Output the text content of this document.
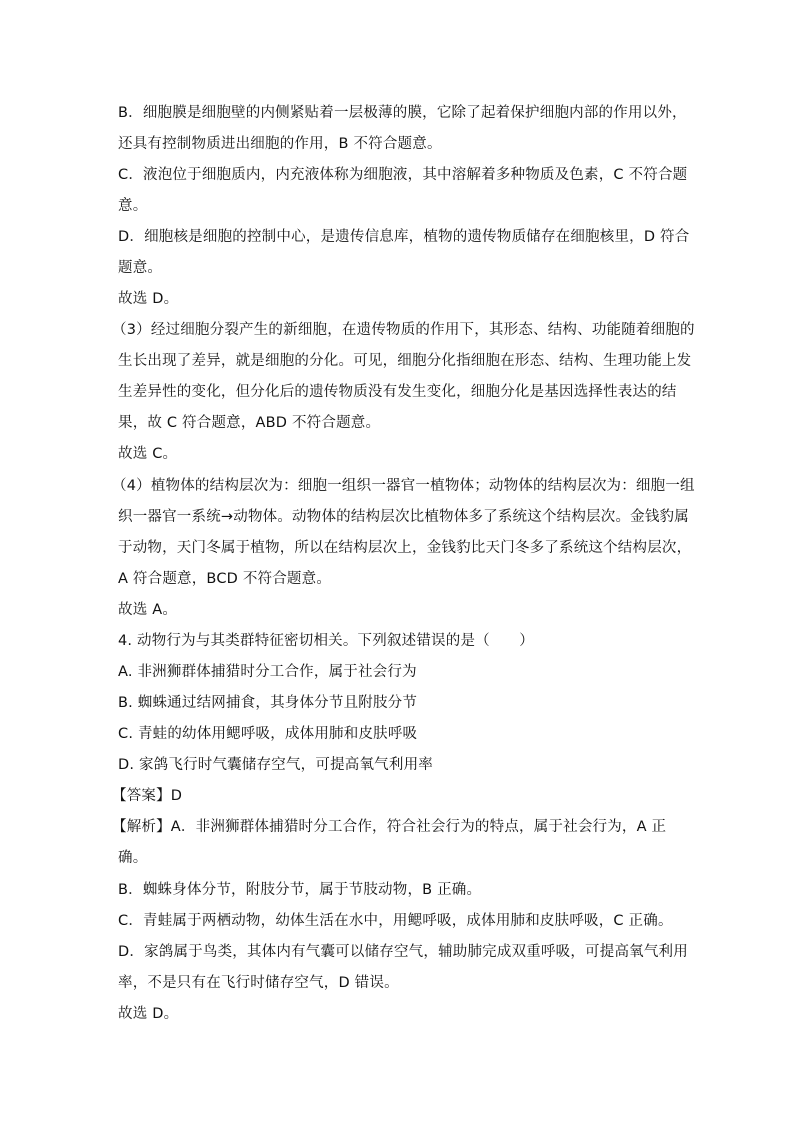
B．细胞膜是细胞壁的内侧紧贴着一层极薄的膜，它除了起着保护细胞内部的作用以外，
还具有控制物质进出细胞的作用，B 不符合题意。
C．液泡位于细胞质内，内充液体称为细胞液，其中溶解着多种物质及色素，C 不符合题
意。
D．细胞核是细胞的控制中心，是遗传信息库，植物的遗传物质储存在细胞核里，D 符合
题意。
故选 D。
（3）经过细胞分裂产生的新细胞，在遗传物质的作用下，其形态、结构、功能随着细胞的
生长出现了差异，就是细胞的分化。可见，细胞分化指细胞在形态、结构、生理功能上发
生差异性的变化，但分化后的遗传物质没有发生变化，细胞分化是基因选择性表达的结
果，故 C 符合题意，ABD 不符合题意。
故选 C。
（4）植物体的结构层次为：细胞一组织一器官一植物体；动物体的结构层次为：细胞一组
织一器官一系统→动物体。动物体的结构层次比植物体多了系统这个结构层次。金钱豹属
于动物，天门冬属于植物，所以在结构层次上，金钱豹比天门冬多了系统这个结构层次，
A 符合题意，BCD 不符合题意。
故选 A。
4. 动物行为与其类群特征密切相关。下列叙述错误的是（　　）
A. 非洲狮群体捕猎时分工合作，属于社会行为
B. 蜘蛛通过结网捕食，其身体分节且附肢分节
C. 青蛙的幼体用鳃呼吸，成体用肺和皮肤呼吸
D. 家鸽飞行时气囊储存空气，可提高氧气利用率
【答案】D
【解析】A．非洲狮群体捕猎时分工合作，符合社会行为的特点，属于社会行为，A 正
确。
B．蜘蛛身体分节，附肢分节，属于节肢动物，B 正确。
C．青蛙属于两栖动物，幼体生活在水中，用鳃呼吸，成体用肺和皮肤呼吸，C 正确。
D．家鸽属于鸟类，其体内有气囊可以储存空气，辅助肺完成双重呼吸，可提高氧气利用
率，不是只有在飞行时储存空气，D 错误。
故选 D。
